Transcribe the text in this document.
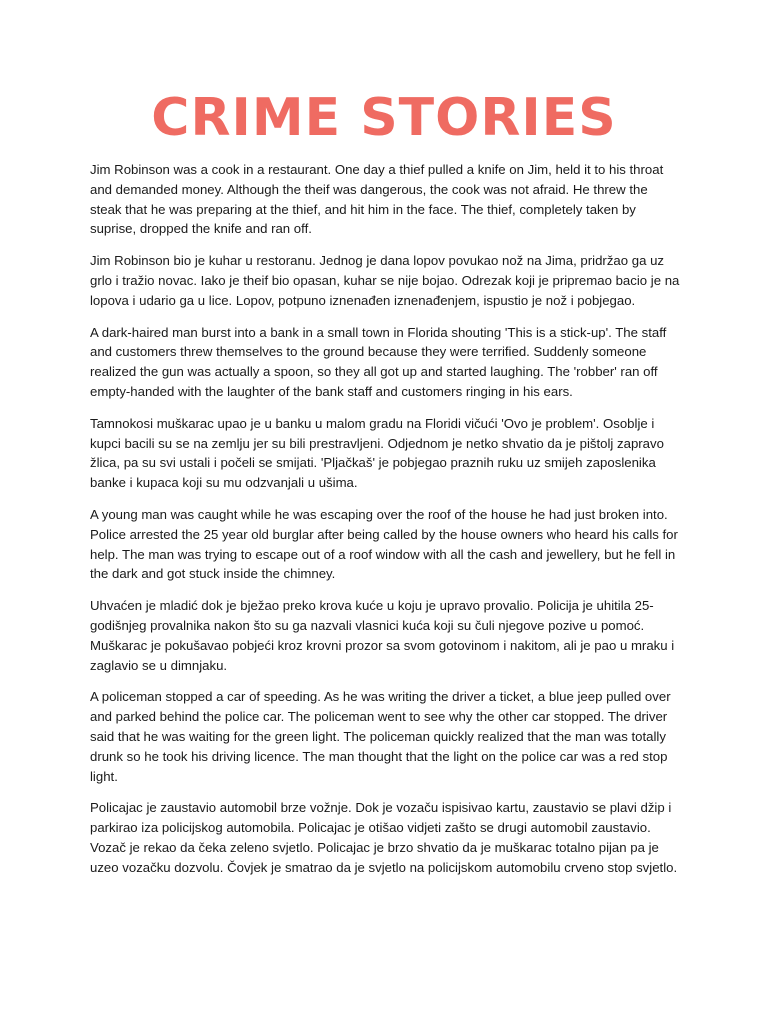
CRIME STORIES

Jim Robinson was a cook in a restaurant. One day a thief pulled a knife on Jim, held it to his throat and demanded money. Although the theif was dangerous, the cook was not afraid. He threw the steak that he was preparing at the thief, and hit him in the face. The thief, completely taken by suprise, dropped the knife and ran off.

Jim Robinson bio je kuhar u restoranu. Jednog je dana lopov povukao nož na Jima, pridržao ga uz grlo i tražio novac. Iako je theif bio opasan, kuhar se nije bojao. Odrezak koji je pripremao bacio je na lopova i udario ga u lice. Lopov, potpuno iznenađen iznenađenjem, ispustio je nož i pobjegao.

A dark-haired man burst into a bank in a small town in Florida shouting 'This is a stick-up'. The staff and customers threw themselves to the ground because they were terrified. Suddenly someone realized the gun was actually a spoon, so they all got up and started laughing. The 'robber' ran off empty-handed with the laughter of the bank staff and customers ringing in his ears.

Tamnokosi muškarac upao je u banku u malom gradu na Floridi vičući 'Ovo je problem'. Osoblje i kupci bacili su se na zemlju jer su bili prestravljeni. Odjednom je netko shvatio da je pištolj zapravo žlica, pa su svi ustali i počeli se smijati. 'Pljačkaš' je pobjegao praznih ruku uz smijeh zaposlenika banke i kupaca koji su mu odzvanjali u ušima.

A young man was caught while he was escaping over the roof of the house he had just broken into. Police arrested the 25 year old burglar after being called by the house owners who heard his calls for help. The man was trying to escape out of a roof window with all the cash and jewellery, but he fell in the dark and got stuck inside the chimney.

Uhvaćen je mladić dok je bježao preko krova kuće u koju je upravo provalio. Policija je uhitila 25-godišnjeg provalnika nakon što su ga nazvali vlasnici kuća koji su čuli njegove pozive u pomoć. Muškarac je pokušavao pobjeći kroz krovni prozor sa svom gotovinom i nakitom, ali je pao u mraku i zaglavio se u dimnjaku.

A policeman stopped a car of speeding. As he was writing the driver a ticket, a blue jeep pulled over and parked behind the police car. The policeman went to see why the other car stopped. The driver said that he was waiting for the green light. The policeman quickly realized that the man was totally drunk so he took his driving licence. The man thought that the light on the police car was a red stop light.

Policajac je zaustavio automobil brze vožnje. Dok je vozaču ispisivao kartu, zaustavio se plavi džip i parkirao iza policijskog automobila. Policajac je otišao vidjeti zašto se drugi automobil zaustavio. Vozač je rekao da čeka zeleno svjetlo. Policajac je brzo shvatio da je muškarac totalno pijan pa je uzeo vozačku dozvolu. Čovjek je smatrao da je svjetlo na policijskom automobilu crveno stop svjetlo.
